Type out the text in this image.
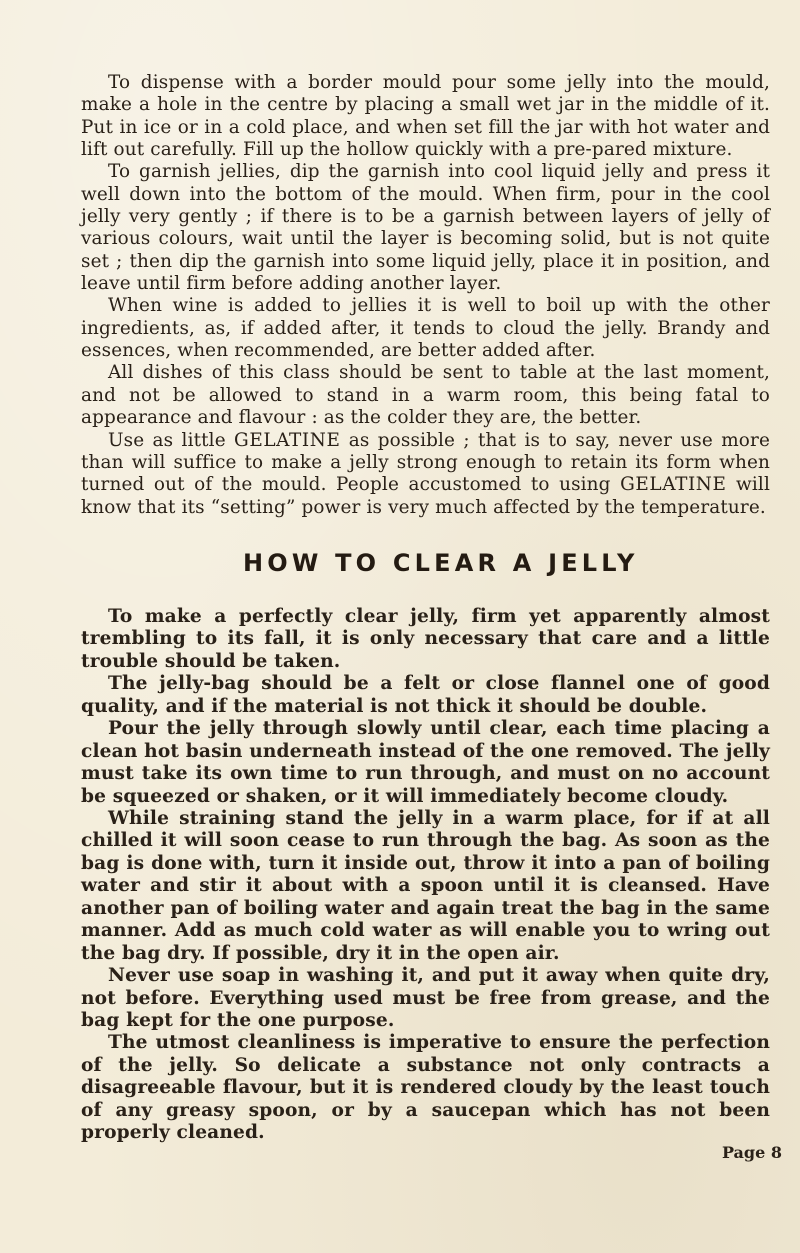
To dispense with a border mould pour some jelly into the mould, make a hole in the centre by placing a small wet jar in the middle of it. Put in ice or in a cold place, and when set fill the jar with hot water and lift out carefully. Fill up the hollow quickly with a pre-pared mixture.

To garnish jellies, dip the garnish into cool liquid jelly and press it well down into the bottom of the mould. When firm, pour in the cool jelly very gently ; if there is to be a garnish between layers of jelly of various colours, wait until the layer is becoming solid, but is not quite set ; then dip the garnish into some liquid jelly, place it in position, and leave until firm before adding another layer.

When wine is added to jellies it is well to boil up with the other ingredients, as, if added after, it tends to cloud the jelly. Brandy and essences, when recommended, are better added after.

All dishes of this class should be sent to table at the last moment, and not be allowed to stand in a warm room, this being fatal to appearance and flavour : as the colder they are, the better.

Use as little GELATINE as possible ; that is to say, never use more than will suffice to make a jelly strong enough to retain its form when turned out of the mould. People accustomed to using GELATINE will know that its “setting” power is very much affected by the temperature.

HOW TO CLEAR A JELLY

To make a perfectly clear jelly, firm yet apparently almost trembling to its fall, it is only necessary that care and a little trouble should be taken.

The jelly-bag should be a felt or close flannel one of good quality, and if the material is not thick it should be double.

Pour the jelly through slowly until clear, each time placing a clean hot basin underneath instead of the one removed. The jelly must take its own time to run through, and must on no account be squeezed or shaken, or it will immediately become cloudy.

While straining stand the jelly in a warm place, for if at all chilled it will soon cease to run through the bag. As soon as the bag is done with, turn it inside out, throw it into a pan of boiling water and stir it about with a spoon until it is cleansed. Have another pan of boiling water and again treat the bag in the same manner. Add as much cold water as will enable you to wring out the bag dry. If possible, dry it in the open air.

Never use soap in washing it, and put it away when quite dry, not before. Everything used must be free from grease, and the bag kept for the one purpose.

The utmost cleanliness is imperative to ensure the perfection of the jelly. So delicate a substance not only contracts a disagreeable flavour, but it is rendered cloudy by the least touch of any greasy spoon, or by a saucepan which has not been properly cleaned.

Page 8
